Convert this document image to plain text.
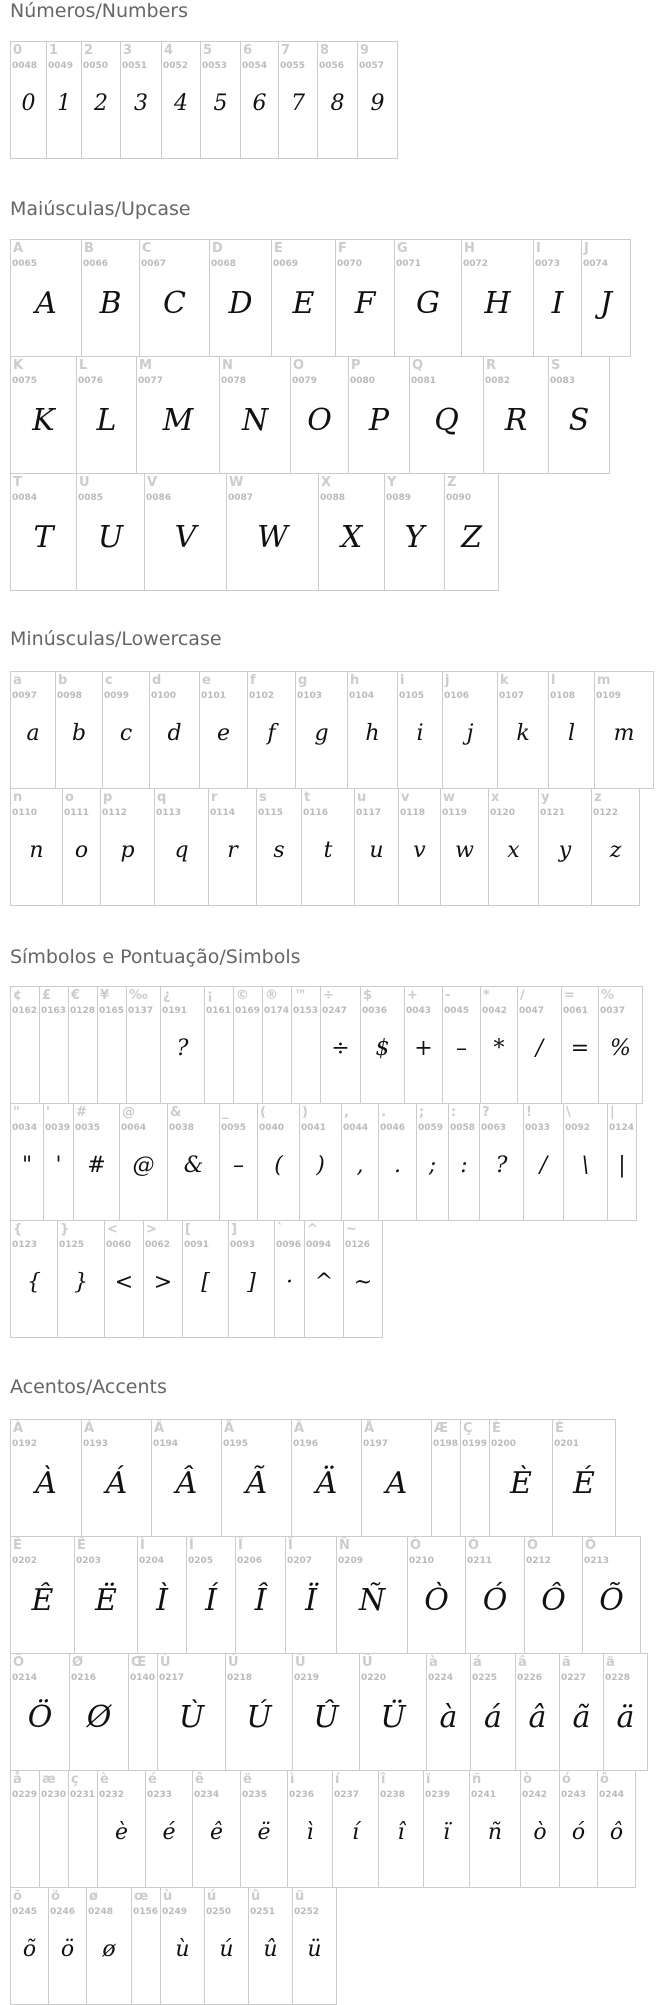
Números/Numbers
0
0048
0
1
0049
1
2
0050
2
3
0051
3
4
0052
4
5
0053
5
6
0054
6
7
0055
7
8
0056
8
9
0057
9
Maiúsculas/Upcase
A
0065
A
B
0066
B
C
0067
C
D
0068
D
E
0069
E
F
0070
F
G
0071
G
H
0072
H
I
0073
I
J
0074
J
K
0075
K
L
0076
L
M
0077
M
N
0078
N
O
0079
O
P
0080
P
Q
0081
Q
R
0082
R
S
0083
S
T
0084
T
U
0085
U
V
0086
V
W
0087
W
X
0088
X
Y
0089
Y
Z
0090
Z
Minúsculas/Lowercase
a
0097
a
b
0098
b
c
0099
c
d
0100
d
e
0101
e
f
0102
f
g
0103
g
h
0104
h
i
0105
i
j
0106
j
k
0107
k
l
0108
l
m
0109
m
n
0110
n
o
0111
o
p
0112
p
q
0113
q
r
0114
r
s
0115
s
t
0116
t
u
0117
u
v
0118
v
w
0119
w
x
0120
x
y
0121
y
z
0122
z
Símbolos e Pontuação/Simbols
¢
0162
£
0163
€
0128
¥
0165
‰
0137
¿
0191
?
¡
0161
©
0169
®
0174
™
0153
÷
0247
÷
$
0036
$
+
0043
+
-
0045
–
*
0042
*
/
0047
/
=
0061
=
%
0037
%
"
0034
"
'
0039
'
#
0035
#
@
0064
@
&
0038
&
_
0095
–
(
0040
(
)
0041
)
,
0044
,
.
0046
.
;
0059
;
:
0058
:
?
0063
?
!
0033
/
\
0092
\
|
0124
|
{
0123
{
}
0125
}
<
0060
<
>
0062
>
[
0091
[
]
0093
]
`
0096
·
^
0094
^
~
0126
~
Acentos/Accents
À
0192
À
Á
0193
Á
Â
0194
Â
Ã
0195
Ã
Ä
0196
Ä
Å
0197
A
Æ
0198
Ç
0199
È
0200
È
É
0201
É
Ê
0202
Ê
Ë
0203
Ë
Ì
0204
Ì
Í
0205
Í
Î
0206
Î
Ï
0207
Ï
Ñ
0209
Ñ
Ò
0210
Ò
Ó
0211
Ó
Ô
0212
Ô
Õ
0213
Õ
Ö
0214
Ö
Ø
0216
Ø
Œ
0140
Ù
0217
Ù
Ú
0218
Ú
Û
0219
Û
Ü
0220
Ü
à
0224
à
á
0225
á
â
0226
â
ã
0227
ã
ä
0228
ä
å
0229
æ
0230
ç
0231
è
0232
è
é
0233
é
ê
0234
ê
ë
0235
ë
ì
0236
ì
í
0237
í
î
0238
î
ï
0239
ï
ñ
0241
ñ
ò
0242
ò
ó
0243
ó
ô
0244
ô
õ
0245
õ
ö
0246
ö
ø
0248
ø
œ
0156
ù
0249
ù
ú
0250
ú
û
0251
û
ü
0252
ü
